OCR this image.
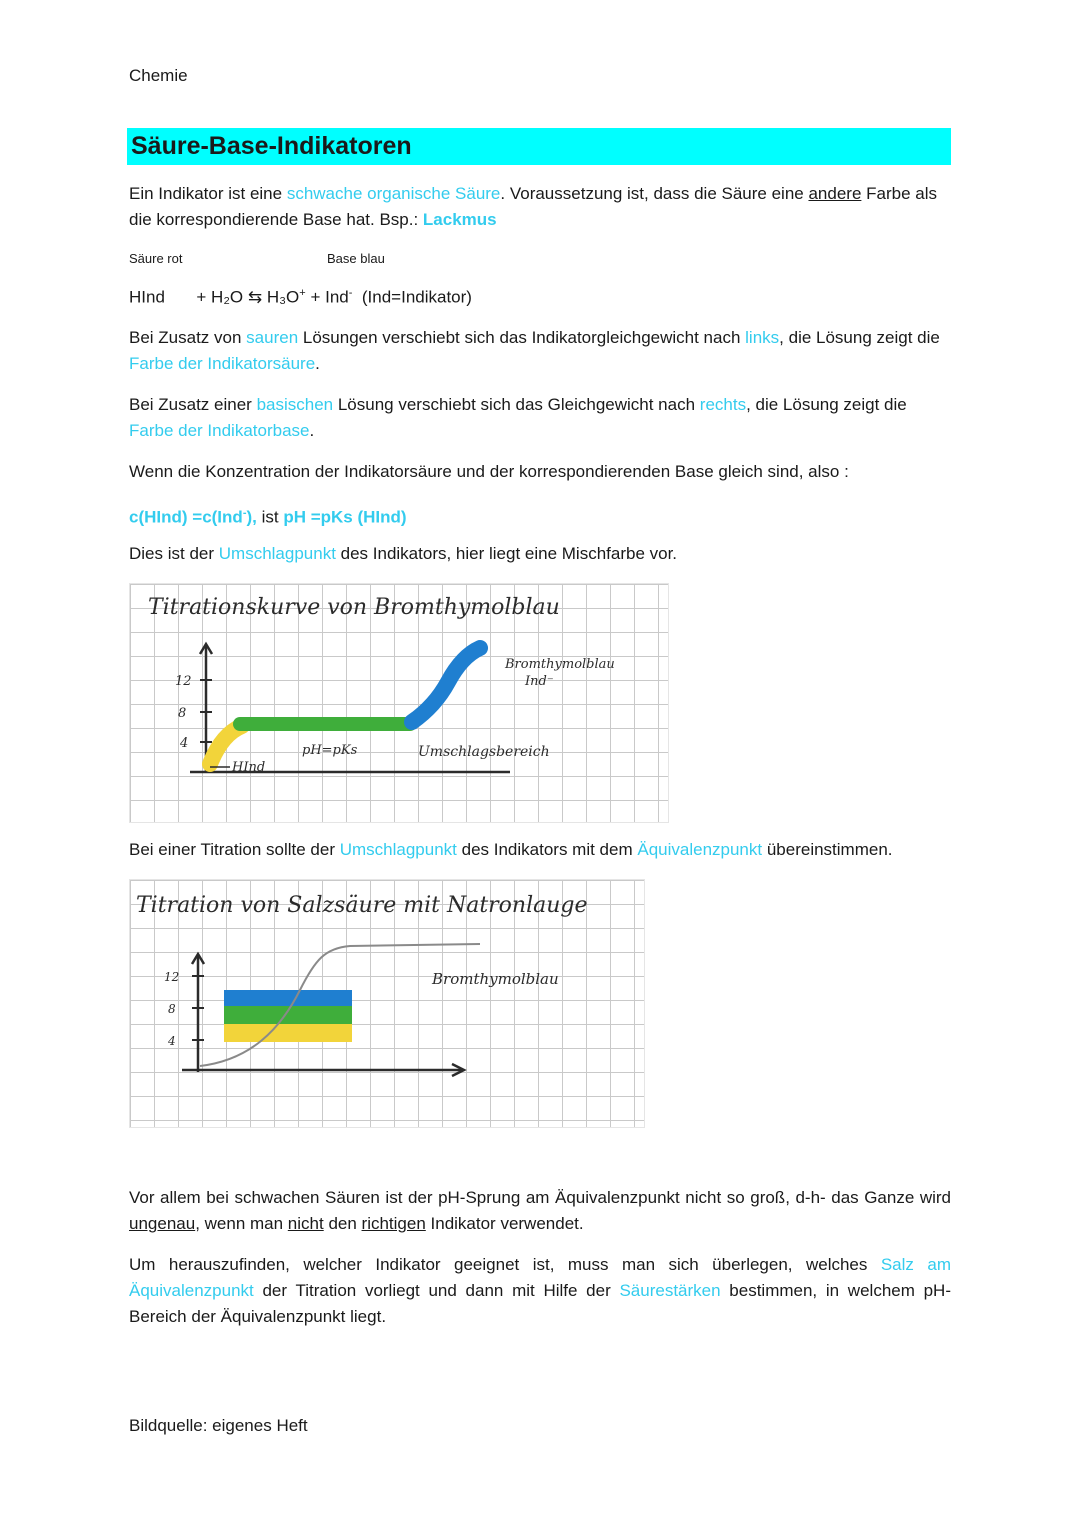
Chemie
Säure-Base-Indikatoren
Ein Indikator ist eine schwache organische Säure. Voraussetzung ist, dass die Säure eine andere Farbe als die korrespondierende Base hat. Bsp.: Lackmus
Säure rot	Base blau
HInd + H₂O ⇆ H₃O+ + Ind-  (Ind=Indikator)
Bei Zusatz von sauren Lösungen verschiebt sich das Indikatorgleichgewicht nach links, die Lösung zeigt die Farbe der Indikatorsäure.
Bei Zusatz einer basischen Lösung verschiebt sich das Gleichgewicht nach rechts, die Lösung zeigt die Farbe der Indikatorbase.
Wenn die Konzentration der Indikatorsäure und der korrespondierenden Base gleich sind, also :
c(HInd) =c(Ind-), ist pH =pKs (HInd)
Dies ist der Umschlagpunkt des Indikators, hier liegt eine Mischfarbe vor.
Titrationskurve von Bromthymolblau
12
8
4
Bromthymolblau
Ind⁻
pH=pKs
HInd
Umschlagsbereich
Bei einer Titration sollte der Umschlagpunkt des Indikators mit dem Äquivalenzpunkt übereinstimmen.
Titration von Salzsäure mit Natronlauge
12
8
4
Bromthymolblau
Vor allem bei schwachen Säuren ist der pH-Sprung am Äquivalenzpunkt nicht so groß, d-h- das Ganze wird ungenau, wenn man nicht den richtigen Indikator verwendet.
Um herauszufinden, welcher Indikator geeignet ist, muss man sich überlegen, welches Salz am Äquivalenzpunkt der Titration vorliegt und dann mit Hilfe der Säurestärken bestimmen, in welchem pH-Bereich der Äquivalenzpunkt liegt.
Bildquelle: eigenes Heft
